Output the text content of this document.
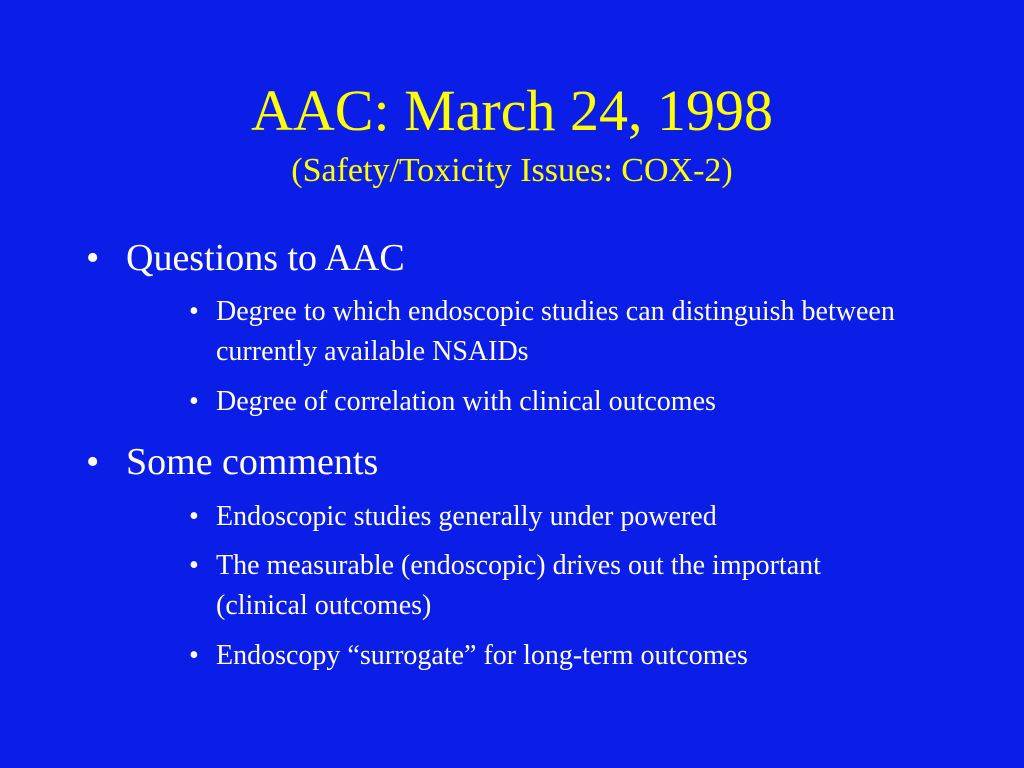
AAC: March 24, 1998
(Safety/Toxicity Issues: COX-2)
• Questions to AAC
• Degree to which endoscopic studies can distinguish between currently available NSAIDs
• Degree of correlation with clinical outcomes
• Some comments
• Endoscopic studies generally under powered
• The measurable (endoscopic) drives out the important (clinical outcomes)
• Endoscopy “surrogate” for long-term outcomes
